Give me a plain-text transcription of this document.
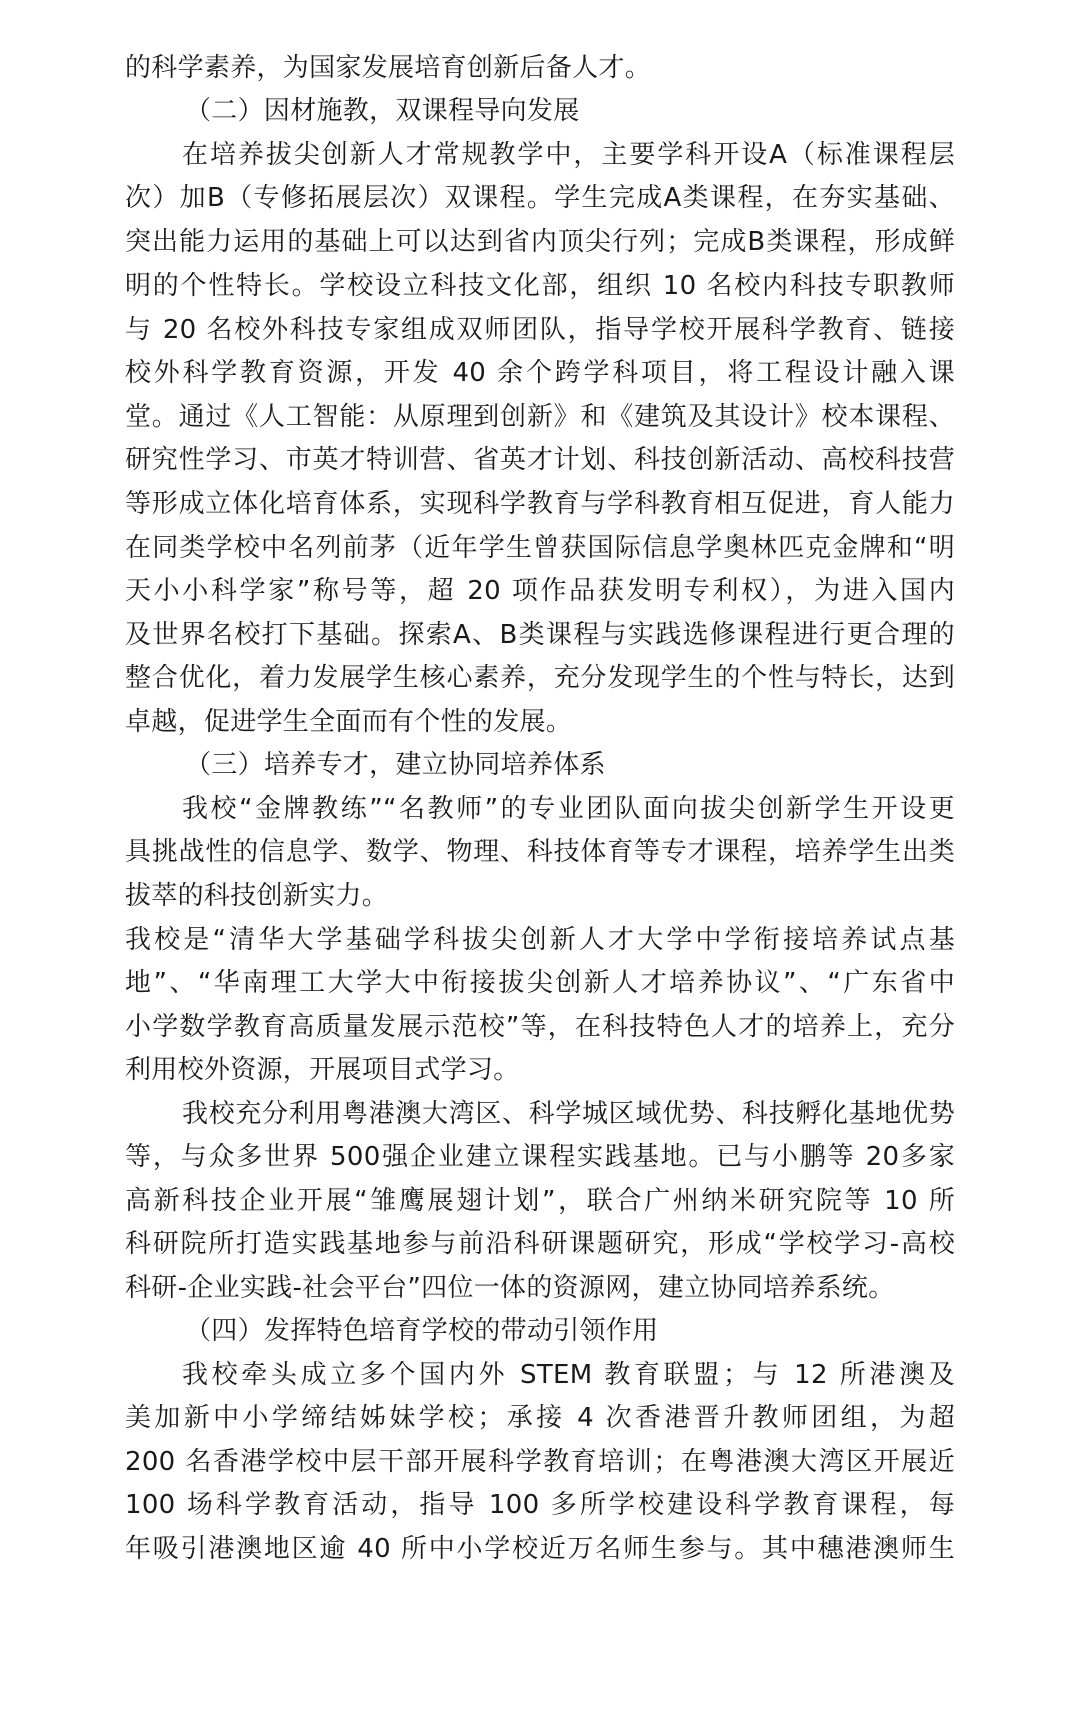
的科学素养，为国家发展培育创新后备人才。
（二）因材施教，双课程导向发展
在培养拔尖创新人才常规教学中，主要学科开设A（标准课程层
次）加B（专修拓展层次）双课程。学生完成A类课程，在夯实基础、
突出能力运用的基础上可以达到省内顶尖行列；完成B类课程，形成鲜
明的个性特长。学校设立科技文化部，组织 10 名校内科技专职教师
与 20 名校外科技专家组成双师团队，指导学校开展科学教育、链接
校外科学教育资源，开发 40 余个跨学科项目，将工程设计融入课
堂。通过《人工智能：从原理到创新》和《建筑及其设计》校本课程、
研究性学习、市英才特训营、省英才计划、科技创新活动、高校科技营
等形成立体化培育体系，实现科学教育与学科教育相互促进，育人能力
在同类学校中名列前茅（近年学生曾获国际信息学奥林匹克金牌和“明
天小小科学家”称号等，超 20 项作品获发明专利权），为进入国内
及世界名校打下基础。探索A、B类课程与实践选修课程进行更合理的
整合优化，着力发展学生核心素养，充分发现学生的个性与特长，达到
卓越，促进学生全面而有个性的发展。
（三）培养专才，建立协同培养体系
我校“金牌教练”“名教师”的专业团队面向拔尖创新学生开设更
具挑战性的信息学、数学、物理、科技体育等专才课程，培养学生出类
拔萃的科技创新实力。
我校是“清华大学基础学科拔尖创新人才大学中学衔接培养试点基
地”、“华南理工大学大中衔接拔尖创新人才培养协议”、“广东省中
小学数学教育高质量发展示范校”等，在科技特色人才的培养上，充分
利用校外资源，开展项目式学习。
我校充分利用粤港澳大湾区、科学城区域优势、科技孵化基地优势
等，与众多世界 500强企业建立课程实践基地。已与小鹏等 20多家
高新科技企业开展“雏鹰展翅计划”，联合广州纳米研究院等 10 所
科研院所打造实践基地参与前沿科研课题研究，形成“学校学习-高校
科研-企业实践-社会平台”四位一体的资源网，建立协同培养系统。
（四）发挥特色培育学校的带动引领作用
我校牵头成立多个国内外 STEM 教育联盟；与 12 所港澳及
美加新中小学缔结姊妹学校；承接 4 次香港晋升教师团组，为超
200 名香港学校中层干部开展科学教育培训；在粤港澳大湾区开展近
100 场科学教育活动，指导 100 多所学校建设科学教育课程，每
年吸引港澳地区逾 40 所中小学校近万名师生参与。其中穗港澳师生
